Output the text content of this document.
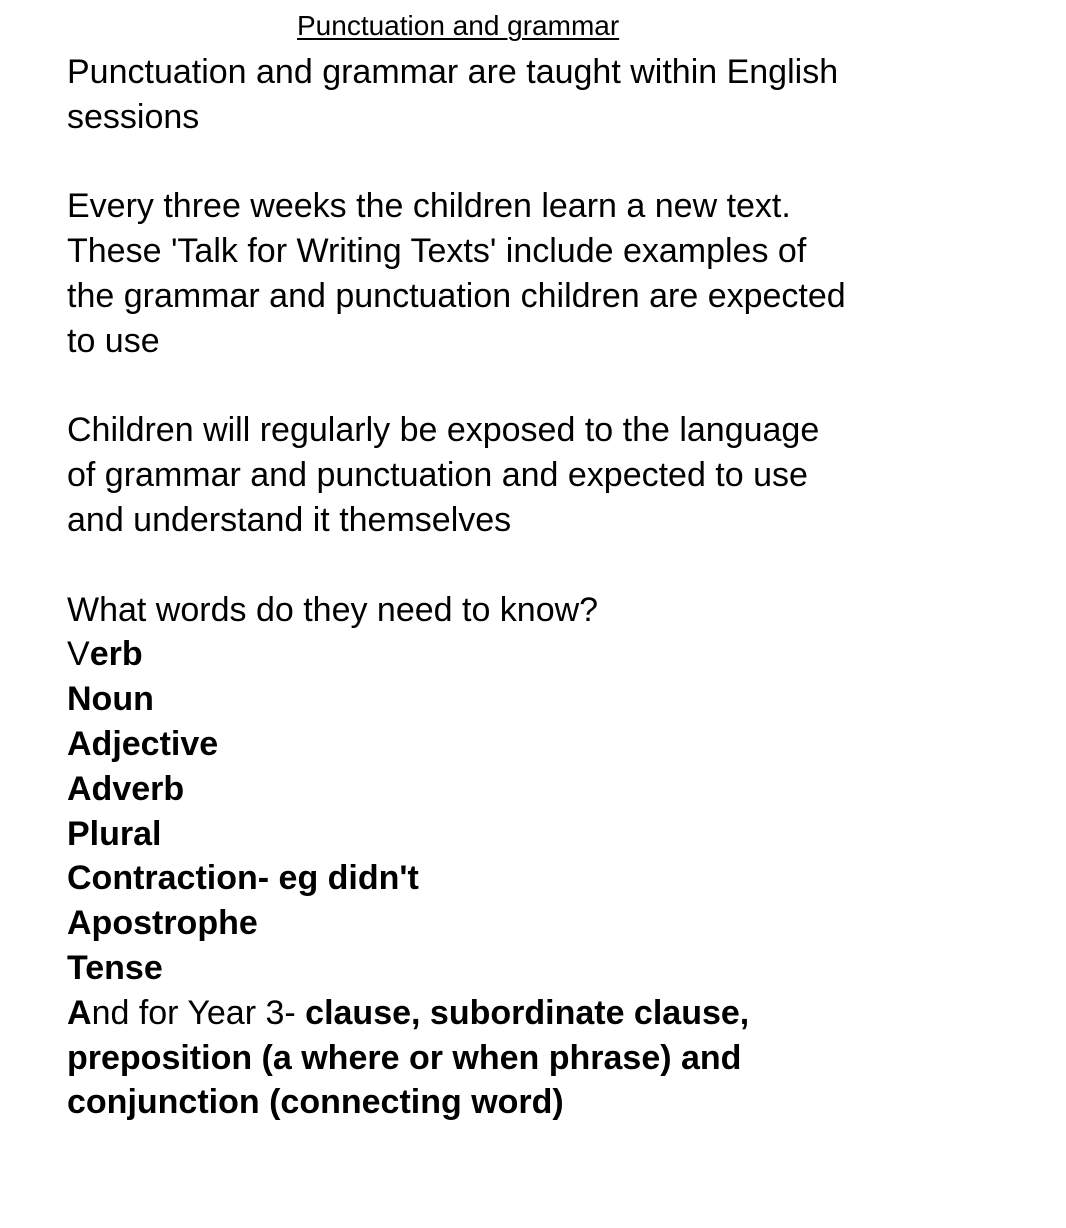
Punctuation and grammar
Punctuation and grammar are taught within English
sessions
Every three weeks the children learn a new text.
These 'Talk for Writing Texts' include examples of
the grammar and punctuation children are expected
to use
Children will regularly be exposed to the language
of grammar and punctuation and expected to use
and understand it themselves
What words do they need to know?
Verb
Noun
Adjective
Adverb
Plural
Contraction- eg didn't
Apostrophe
Tense
And for Year 3- clause, subordinate clause,
preposition (a where or when phrase) and
conjunction (connecting word)
